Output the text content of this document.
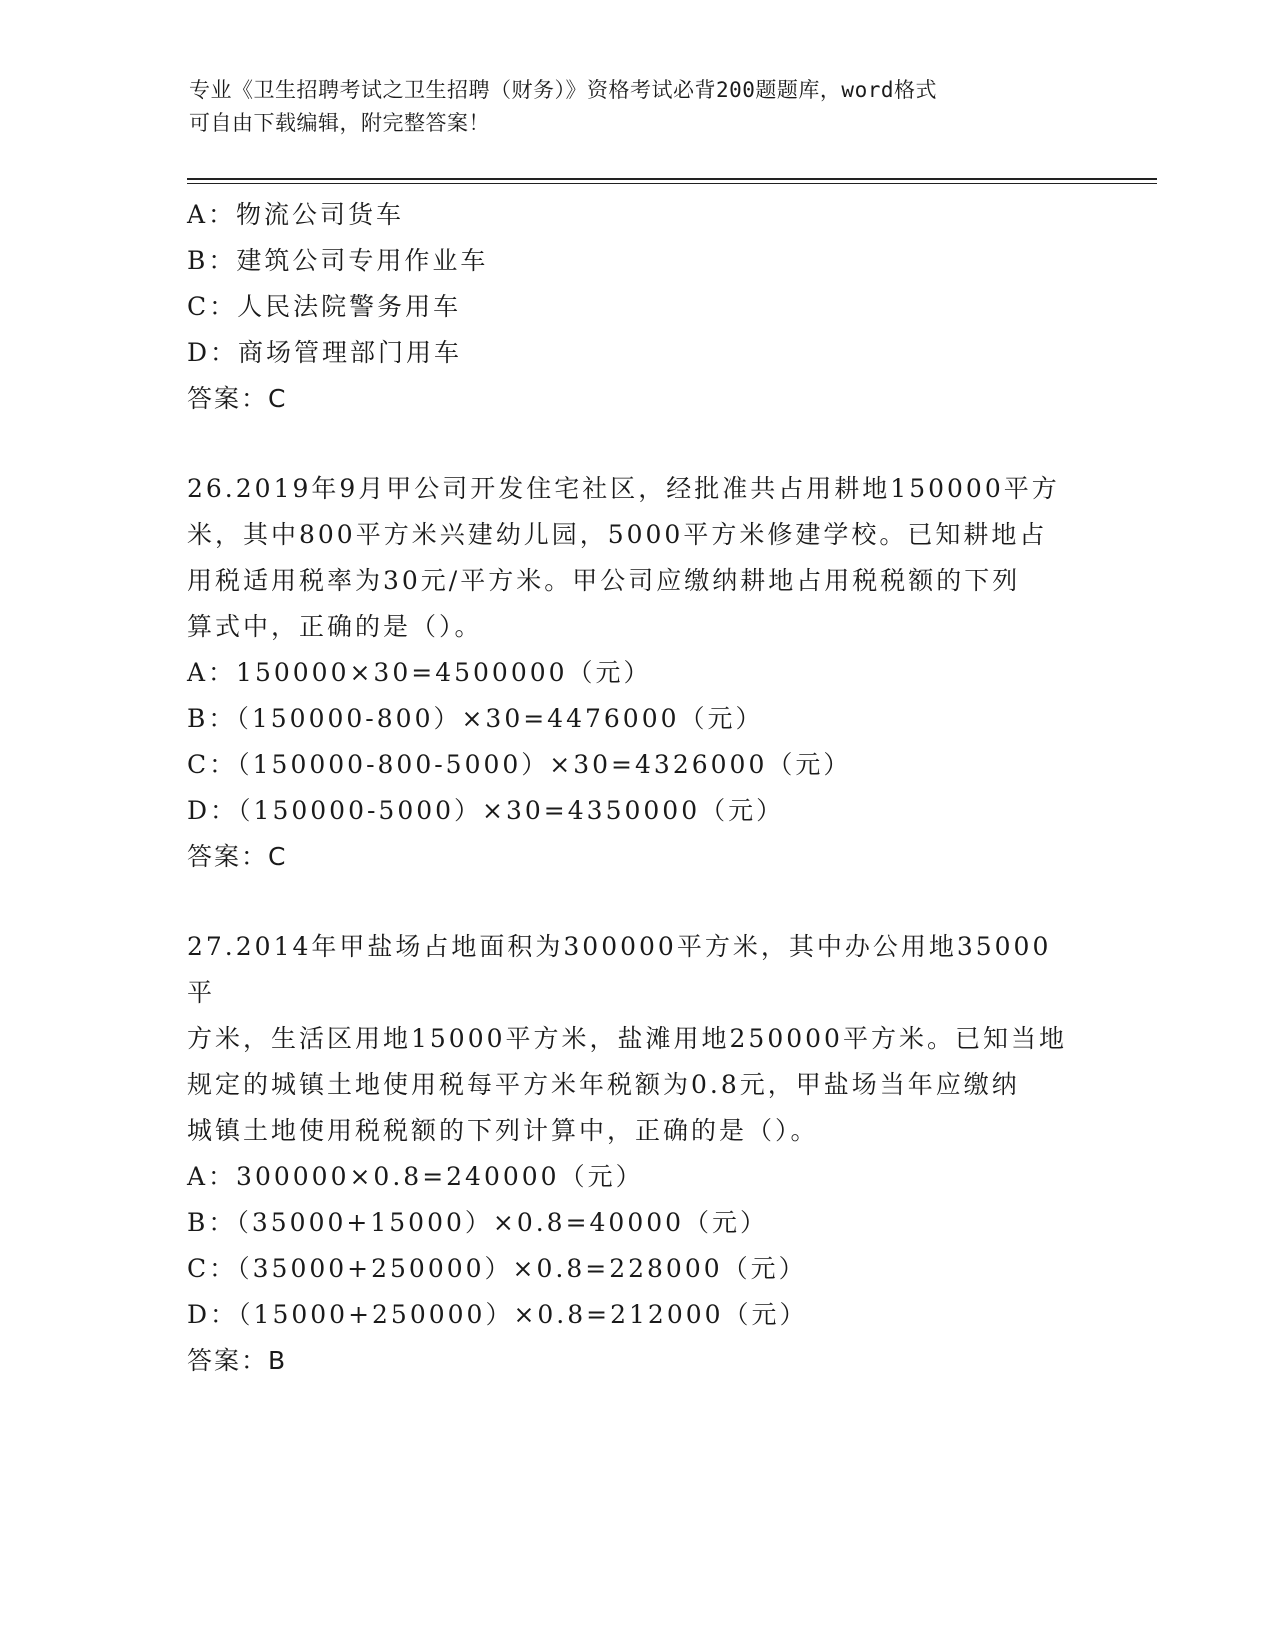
专业《卫生招聘考试之卫生招聘（财务）》资格考试必背200题题库，word格式
可自由下载编辑，附完整答案！
A：物流公司货车
B：建筑公司专用作业车
C：人民法院警务用车
D：商场管理部门用车
答案：C
26.2019年9月甲公司开发住宅社区，经批准共占用耕地150000平方
米，其中800平方米兴建幼儿园，5000平方米修建学校。已知耕地占
用税适用税率为30元/平方米。甲公司应缴纳耕地占用税税额的下列
算式中，正确的是（）。
A：150000×30=4500000（元）
B：（150000-800）×30=4476000（元）
C：（150000-800-5000）×30=4326000（元）
D：（150000-5000）×30=4350000（元）
答案：C
27.2014年甲盐场占地面积为300000平方米，其中办公用地35000平
方米，生活区用地15000平方米，盐滩用地250000平方米。已知当地
规定的城镇土地使用税每平方米年税额为0.8元，甲盐场当年应缴纳
城镇土地使用税税额的下列计算中，正确的是（）。
A：300000×0.8=240000（元）
B：（35000+15000）×0.8=40000（元）
C：（35000+250000）×0.8=228000（元）
D：（15000+250000）×0.8=212000（元）
答案：B
